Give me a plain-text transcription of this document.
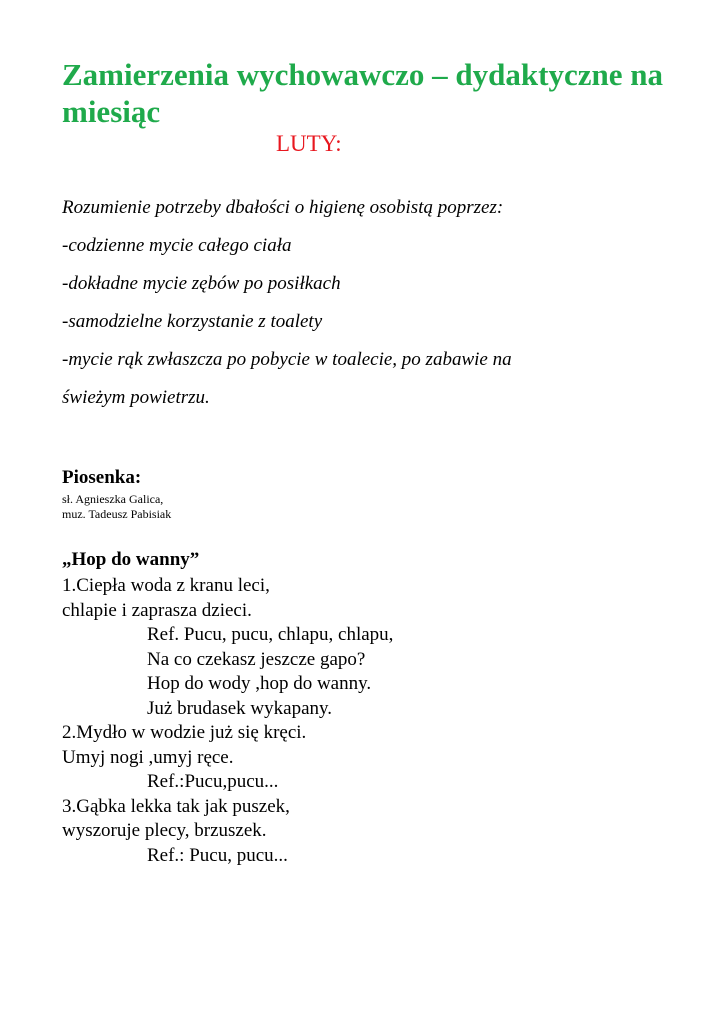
Zamierzenia wychowawczo – dydaktyczne na miesiąc
LUTY:
Rozumienie potrzeby dbałości o higienę osobistą poprzez:
-codzienne mycie całego ciała
-dokładne mycie zębów po posiłkach
-samodzielne korzystanie z toalety
-mycie rąk zwłaszcza po pobycie w toalecie, po zabawie na
świeżym powietrzu.
Piosenka:
sł. Agnieszka Galica,
muz. Tadeusz Pabisiak
„Hop do wanny”
1.Ciepła woda z kranu leci,
chlapie i zaprasza dzieci.
Ref. Pucu, pucu, chlapu, chlapu,
Na co czekasz jeszcze gapo?
Hop do wody ,hop do wanny.
Już brudasek wykapany.
2.Mydło w wodzie już się kręci.
Umyj nogi ,umyj ręce.
Ref.:Pucu,pucu...
3.Gąbka lekka tak jak puszek,
wyszoruje plecy, brzuszek.
Ref.: Pucu, pucu...
